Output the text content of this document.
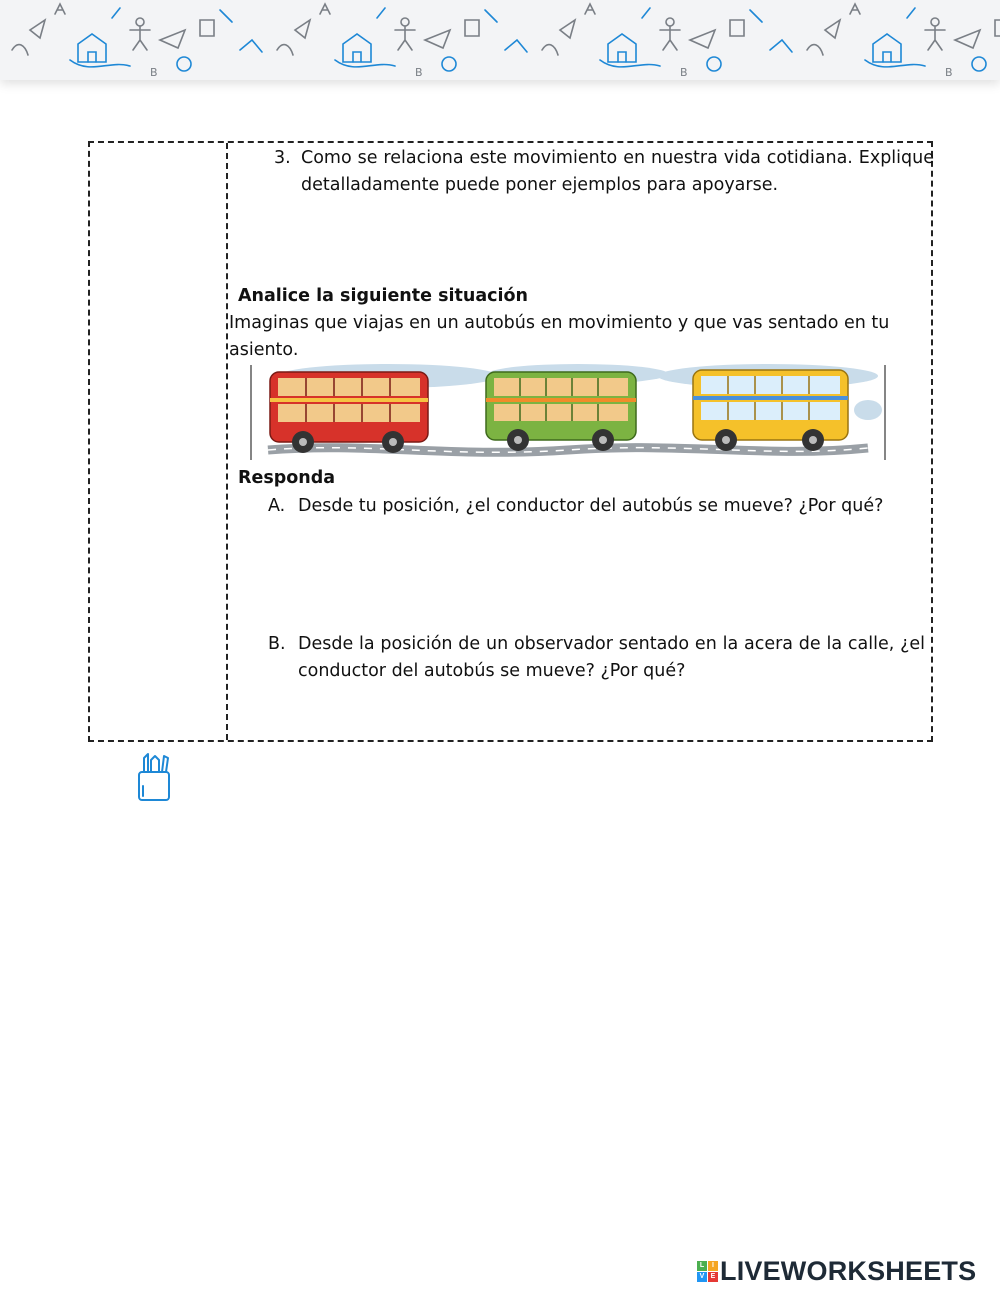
B
3. Como se relaciona este movimiento en nuestra vida cotidiana. Explique detalladamente puede poner ejemplos para apoyarse.
Analice la siguiente situación
Imaginas que viajas en un autobús en movimiento y que vas sentado en tu asiento.
Responda
A. Desde tu posición, ¿el conductor del autobús se mueve? ¿Por qué?
B. Desde la posición de un observador sentado en la acera de la calle, ¿el conductor del autobús se mueve? ¿Por qué?
L	I
V E LIVEWORKSHEETS
